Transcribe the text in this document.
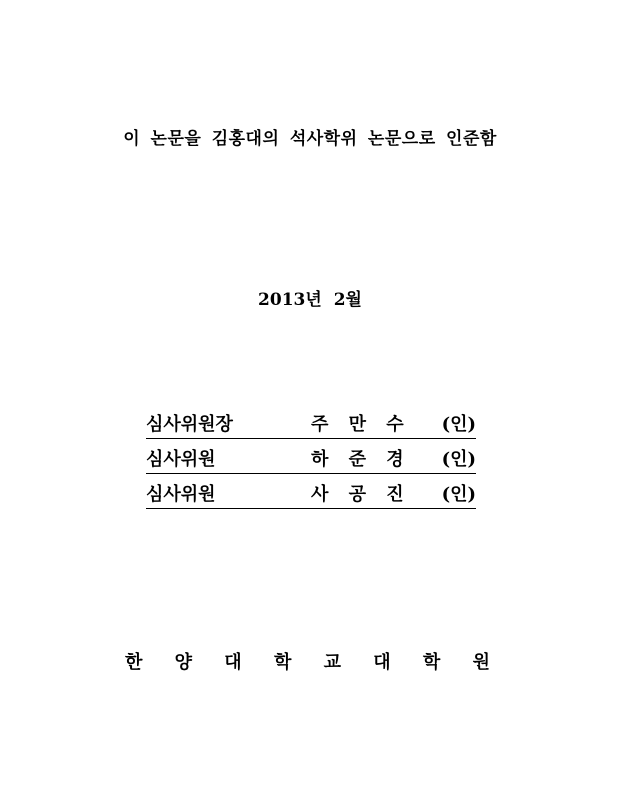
이 논문을 김홍대의 석사학위 논문으로 인준함
2013년 2월
심사위원장	주 만 수 (인)
심사위원	하 준 경 (인)
심사위원	사 공 진 (인)
한 양 대 학 교 대 학 원
